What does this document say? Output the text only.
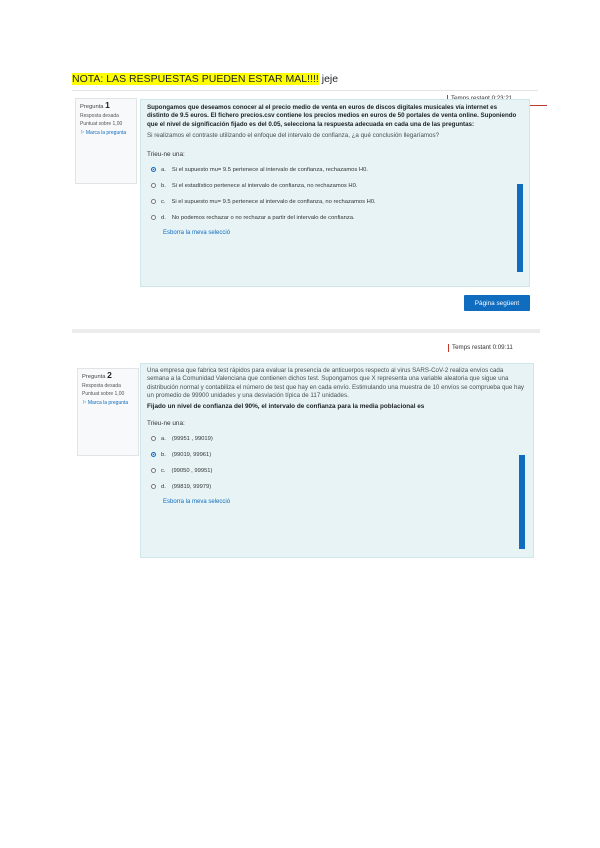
NOTA: LAS RESPUESTAS PUEDEN ESTAR MAL!!!! jeje
Pregunta 1
Resposta desada
Puntuat sobre 1,00
⚐ Marca la pregunta
Supongamos que deseamos conocer al el precio medio de venta en euros de discos digitales musicales vía internet es distinto de 9.5 euros. El fichero precios.csv contiene los precios medios en euros de 50 portales de venta online. Suponiendo que el nivel de significación fijado es del 0.05, selecciona la respuesta adecuada en cada una de las preguntas:
Si realizamos el contraste utilizando el enfoque del intervalo de confianza, ¿a qué conclusión llegaríamos?
Trieu-ne una:
a. Si el supuesto mu= 9.5 pertenece al intervalo de confianza, rechazamos H0.
b. Si el estadístico pertenece al intervalo de confianza, no rechazamos H0.
c. Si el supuesto mu= 9.5 pertenece al intervalo de confianza, no rechazamos H0.
d. No podemos rechazar o no rechazar a partir del intervalo de confianza.
Esborra la meva selecció
Pàgina següent
Temps restant 0:09:11
Pregunta 2
Resposta desada
Puntuat sobre 1,00
⚐ Marca la pregunta
Una empresa que fabrica test rápidos para evaluar la presencia de anticuerpos respecto al virus SARS-CoV-2 realiza envíos cada semana a la Comunidad Valenciana que contienen dichos test. Supongamos que X representa una variable aleatoria que sigue una distribución normal y contabiliza el número de test que hay en cada envío. Estimulando una muestra de 10 envíos se comprueba que hay un promedio de 99900 unidades y una desviación típica de 117 unidades.
Fijado un nivel de confianza del 90%, el intervalo de confianza para la media poblacional es
Trieu-ne una:
a. (99951 , 99019)
b. (99019, 99961)
c. (99050 , 99951)
d. (99819, 99979)
Esborra la meva selecció
